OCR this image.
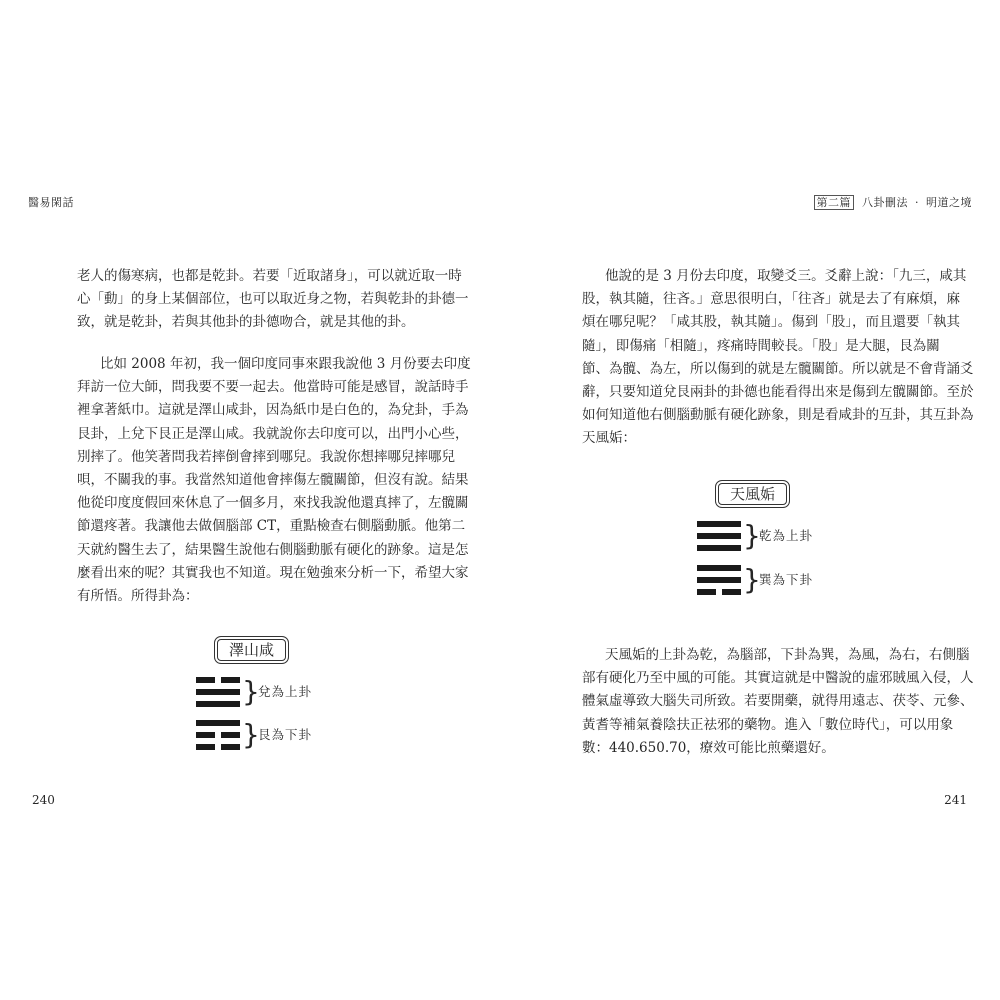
醫易閑話

老人的傷寒病，也都是乾卦。若要「近取諸身」，可以就近取一時
心「動」的身上某個部位，也可以取近身之物，若與乾卦的卦德一
致，就是乾卦，若與其他卦的卦德吻合，就是其他的卦。

比如 2008 年初，我一個印度同事來跟我說他 3 月份要去印度
拜訪一位大師，問我要不要一起去。他當時可能是感冒，說話時手
裡拿著紙巾。這就是澤山咸卦，因為紙巾是白色的，為兌卦，手為
艮卦，上兌下艮正是澤山咸。我就說你去印度可以，出門小心些，
別摔了。他笑著問我若摔倒會摔到哪兒。我說你想摔哪兒摔哪兒
唄，不關我的事。我當然知道他會摔傷左髖關節，但沒有說。結果
他從印度度假回來休息了一個多月，來找我說他還真摔了，左髖關
節還疼著。我讓他去做個腦部 CT，重點檢查右側腦動脈。他第二
天就約醫生去了，結果醫生說他右側腦動脈有硬化的跡象。這是怎
麼看出來的呢？其實我也不知道。現在勉強來分析一下，希望大家
有所悟。所得卦為：

澤山咸
}
兌為上卦
}
艮為下卦
240
第二篇 八卦刪法 · 明道之境

他說的是 3 月份去印度，取變爻三。爻辭上說：「九三，咸其
股，執其隨，往吝。」意思很明白，「往吝」就是去了有麻煩，麻
煩在哪兒呢？「咸其股，執其隨」。傷到「股」，而且還要「執其
隨」，即傷痛「相隨」，疼痛時間較長。「股」是大腿，艮為關
節、為髖、為左，所以傷到的就是左髖關節。所以就是不會背誦爻
辭，只要知道兌艮兩卦的卦德也能看得出來是傷到左髖關節。至於
如何知道他右側腦動脈有硬化跡象，則是看咸卦的互卦，其互卦為
天風姤：

天風姤
}
乾為上卦
}
巽為下卦

天風姤的上卦為乾，為腦部，下卦為巽，為風，為右，右側腦
部有硬化乃至中風的可能。其實這就是中醫說的虛邪賊風入侵，人
體氣虛導致大腦失司所致。若要開藥，就得用遠志、茯苓、元參、
黃耆等補氣養陰扶正祛邪的藥物。進入「數位時代」，可以用象
數：440.650.70，療效可能比煎藥還好。

241
